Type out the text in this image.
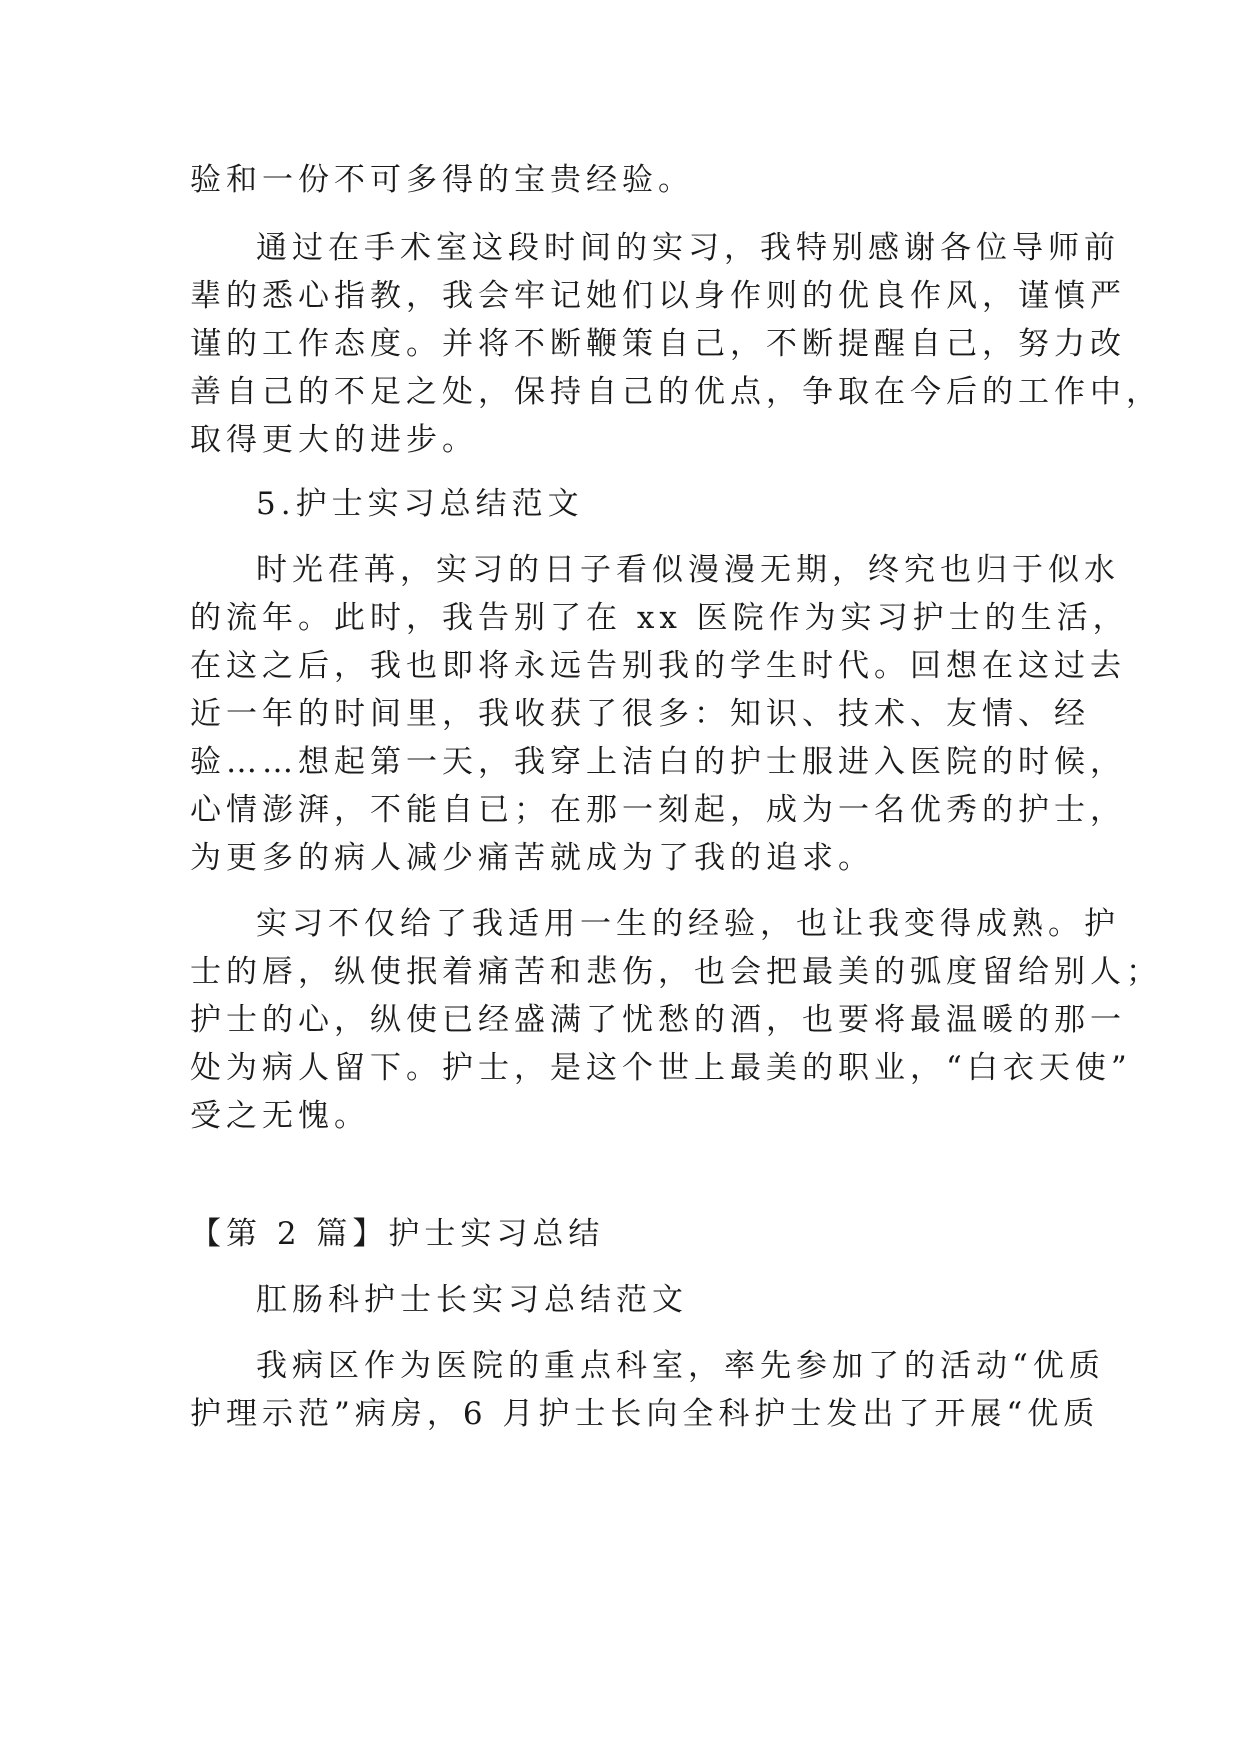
验和一份不可多得的宝贵经验。
通过在手术室这段时间的实习，我特别感谢各位导师前
辈的悉心指教，我会牢记她们以身作则的优良作风，谨慎严
谨的工作态度。并将不断鞭策自己，不断提醒自己，努力改
善自己的不足之处，保持自己的优点，争取在今后的工作中，
取得更大的进步。
5.护士实习总结范文
时光荏苒，实习的日子看似漫漫无期，终究也归于似水
的流年。此时，我告别了在 xx 医院作为实习护士的生活，
在这之后，我也即将永远告别我的学生时代。回想在这过去
近一年的时间里，我收获了很多：知识、技术、友情、经
验……想起第一天，我穿上洁白的护士服进入医院的时候，
心情澎湃，不能自已；在那一刻起，成为一名优秀的护士，
为更多的病人减少痛苦就成为了我的追求。
实习不仅给了我适用一生的经验，也让我变得成熟。护
士的唇，纵使抿着痛苦和悲伤，也会把最美的弧度留给别人；
护士的心，纵使已经盛满了忧愁的酒，也要将最温暖的那一
处为病人留下。护士，是这个世上最美的职业，“白衣天使”
受之无愧。
【第 2 篇】护士实习总结
肛肠科护士长实习总结范文
我病区作为医院的重点科室，率先参加了的活动“优质
护理示范”病房，6 月护士长向全科护士发出了开展“优质
